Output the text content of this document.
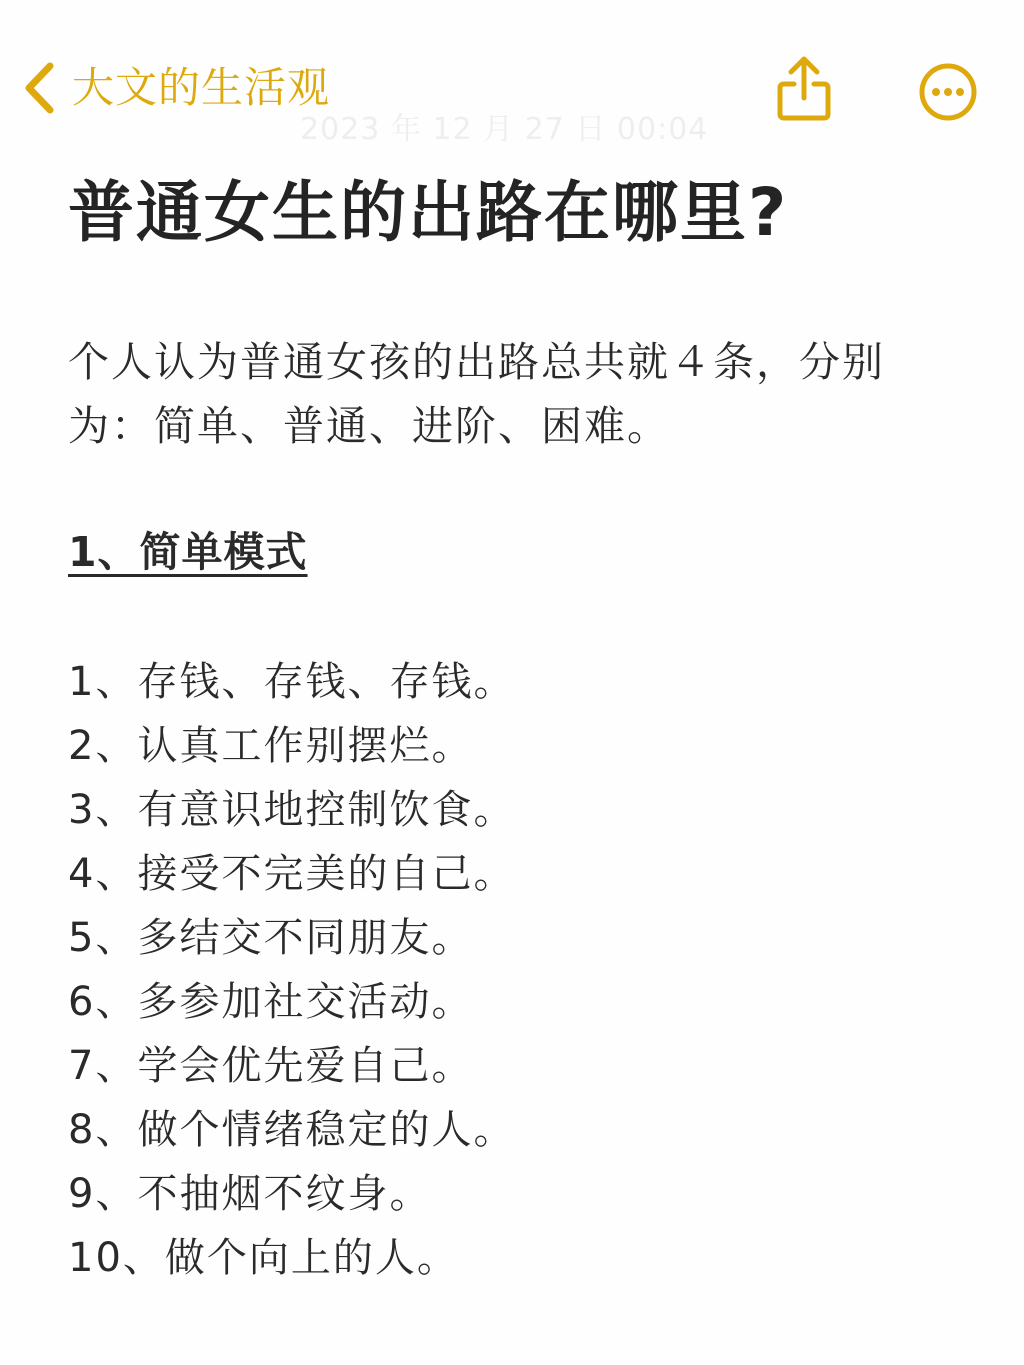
大文的生活观
2023 年 12 月 27 日 00:04
普通女生的出路在哪里?

个人认为普通女孩的出路总共就４条，分别为：简单、普通、进阶、困难。

1、简单模式

1、存钱、存钱、存钱。
2、认真工作别摆烂。
3、有意识地控制饮食。
4、接受不完美的自己。
5、多结交不同朋友。
6、多参加社交活动。
7、学会优先爱自己。
8、做个情绪稳定的人。
9、不抽烟不纹身。
10、做个向上的人。
